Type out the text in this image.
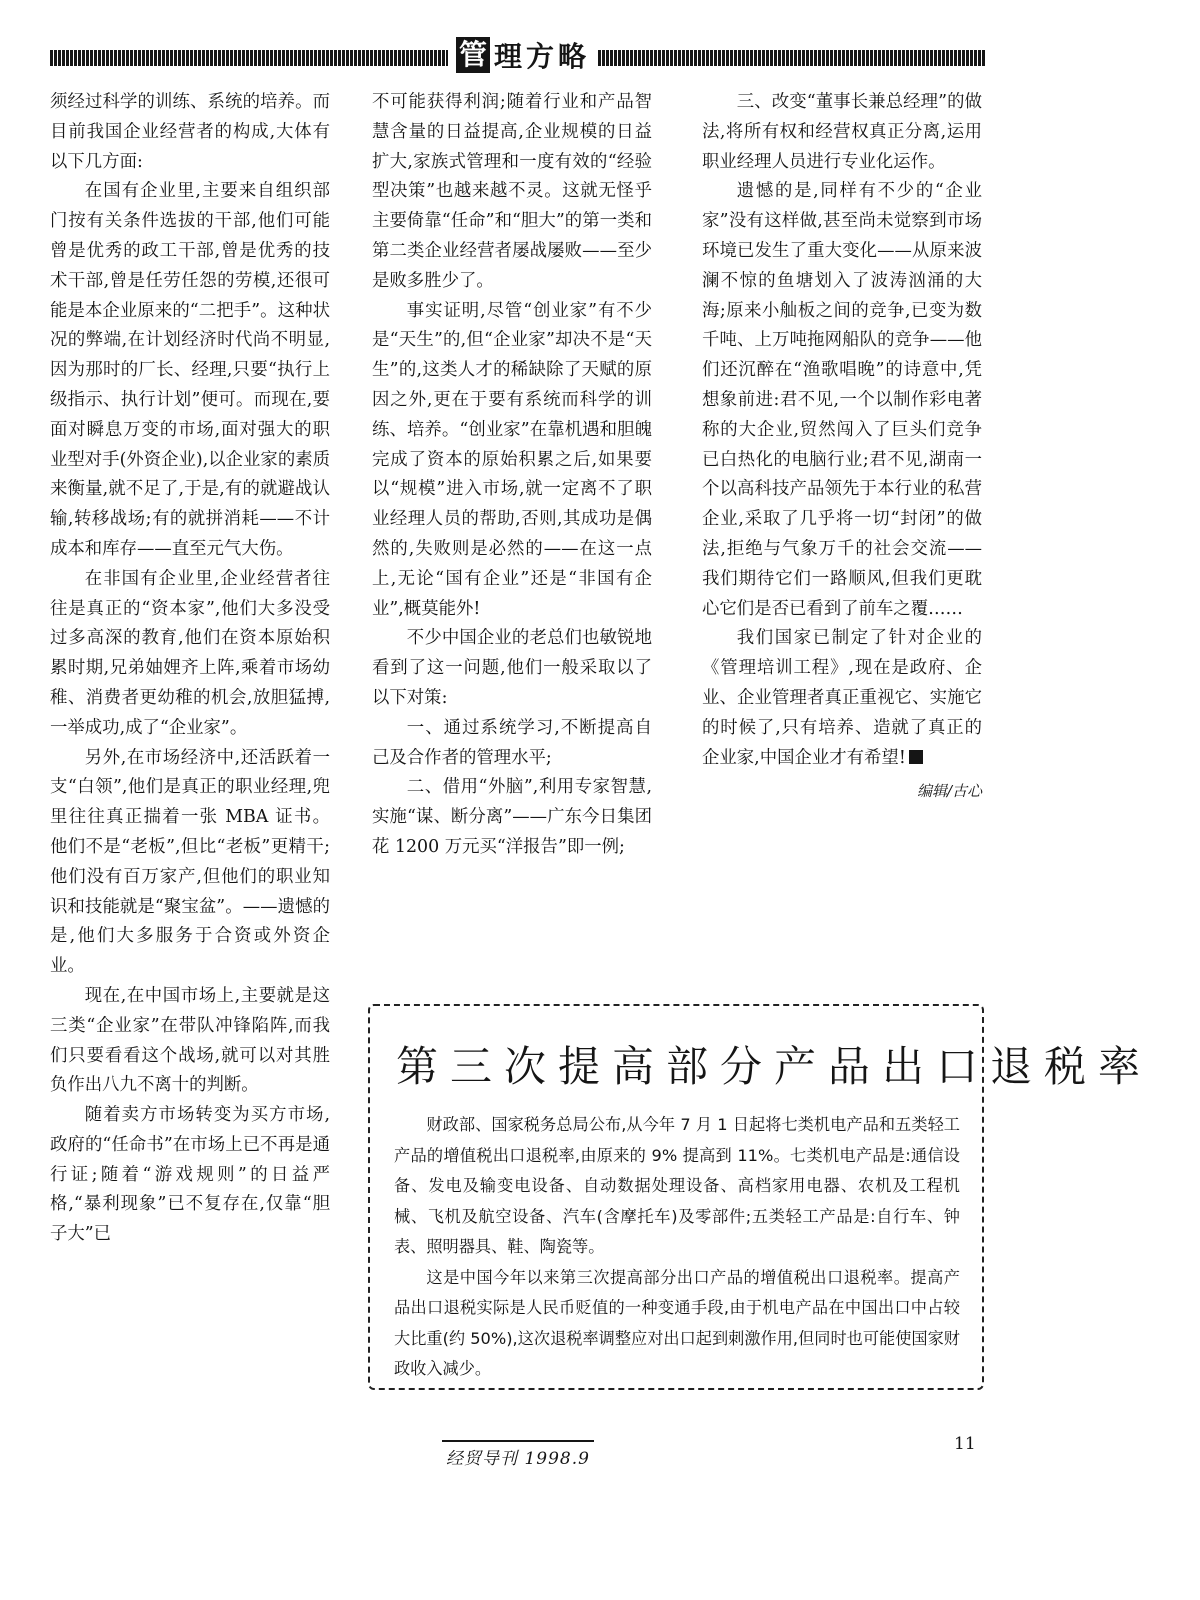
管 理方略

须经过科学的训练、系统的培养。而目前我国企业经营者的构成,大体有以下几方面:

在国有企业里,主要来自组织部门按有关条件选拔的干部,他们可能曾是优秀的政工干部,曾是优秀的技术干部,曾是任劳任怨的劳模,还很可能是本企业原来的“二把手”。这种状况的弊端,在计划经济时代尚不明显,因为那时的厂长、经理,只要“执行上级指示、执行计划”便可。而现在,要面对瞬息万变的市场,面对强大的职业型对手(外资企业),以企业家的素质来衡量,就不足了,于是,有的就避战认输,转移战场;有的就拼消耗——不计成本和库存——直至元气大伤。

在非国有企业里,企业经营者往往是真正的“资本家”,他们大多没受过多高深的教育,他们在资本原始积累时期,兄弟妯娌齐上阵,乘着市场幼稚、消费者更幼稚的机会,放胆猛搏,一举成功,成了“企业家”。

另外,在市场经济中,还活跃着一支“白领”,他们是真正的职业经理,兜里往往真正揣着一张 MBA 证书。他们不是“老板”,但比“老板”更精干;他们没有百万家产,但他们的职业知识和技能就是“聚宝盆”。——遗憾的是,他们大多服务于合资或外资企业。

现在,在中国市场上,主要就是这三类“企业家”在带队冲锋陷阵,而我们只要看看这个战场,就可以对其胜负作出八九不离十的判断。

随着卖方市场转变为买方市场,政府的“任命书”在市场上已不再是通行证;随着“游戏规则”的日益严格,“暴利现象”已不复存在,仅靠“胆子大”已

不可能获得利润;随着行业和产品智慧含量的日益提高,企业规模的日益扩大,家族式管理和一度有效的“经验型决策”也越来越不灵。这就无怪乎主要倚靠“任命”和“胆大”的第一类和第二类企业经营者屡战屡败——至少是败多胜少了。

事实证明,尽管“创业家”有不少是“天生”的,但“企业家”却决不是“天生”的,这类人才的稀缺除了天赋的原因之外,更在于要有系统而科学的训练、培养。“创业家”在靠机遇和胆魄完成了资本的原始积累之后,如果要以“规模”进入市场,就一定离不了职业经理人员的帮助,否则,其成功是偶然的,失败则是必然的——在这一点上,无论“国有企业”还是“非国有企业”,概莫能外!

不少中国企业的老总们也敏锐地看到了这一问题,他们一般采取以了以下对策:

一、通过系统学习,不断提高自己及合作者的管理水平;

二、借用“外脑”,利用专家智慧,实施“谋、断分离”——广东今日集团花 1200 万元买“洋报告”即一例;

三、改变“董事长兼总经理”的做法,将所有权和经营权真正分离,运用职业经理人员进行专业化运作。

遗憾的是,同样有不少的“企业家”没有这样做,甚至尚未觉察到市场环境已发生了重大变化——从原来波澜不惊的鱼塘划入了波涛汹涌的大海;原来小舢板之间的竞争,已变为数千吨、上万吨拖网船队的竞争——他们还沉醉在“渔歌唱晚”的诗意中,凭想象前进:君不见,一个以制作彩电著称的大企业,贸然闯入了巨头们竞争已白热化的电脑行业;君不见,湖南一个以高科技产品领先于本行业的私营企业,采取了几乎将一切“封闭”的做法,拒绝与气象万千的社会交流——我们期待它们一路顺风,但我们更耽心它们是否已看到了前车之覆……

我们国家已制定了针对企业的《管理培训工程》,现在是政府、企业、企业管理者真正重视它、实施它的时候了,只有培养、造就了真正的企业家,中国企业才有希望!

编辑/古心

第三次提高部分产品出口退税率

财政部、国家税务总局公布,从今年 7 月 1 日起将七类机电产品和五类轻工产品的增值税出口退税率,由原来的 9% 提高到 11%。七类机电产品是:通信设备、发电及输变电设备、自动数据处理设备、高档家用电器、农机及工程机械、飞机及航空设备、汽车(含摩托车)及零部件;五类轻工产品是:自行车、钟表、照明器具、鞋、陶瓷等。

这是中国今年以来第三次提高部分出口产品的增值税出口退税率。提高产品出口退税实际是人民币贬值的一种变通手段,由于机电产品在中国出口中占较大比重(约 50%),这次退税率调整应对出口起到刺激作用,但同时也可能使国家财政收入减少。

经贸导刊 1998.9
11
